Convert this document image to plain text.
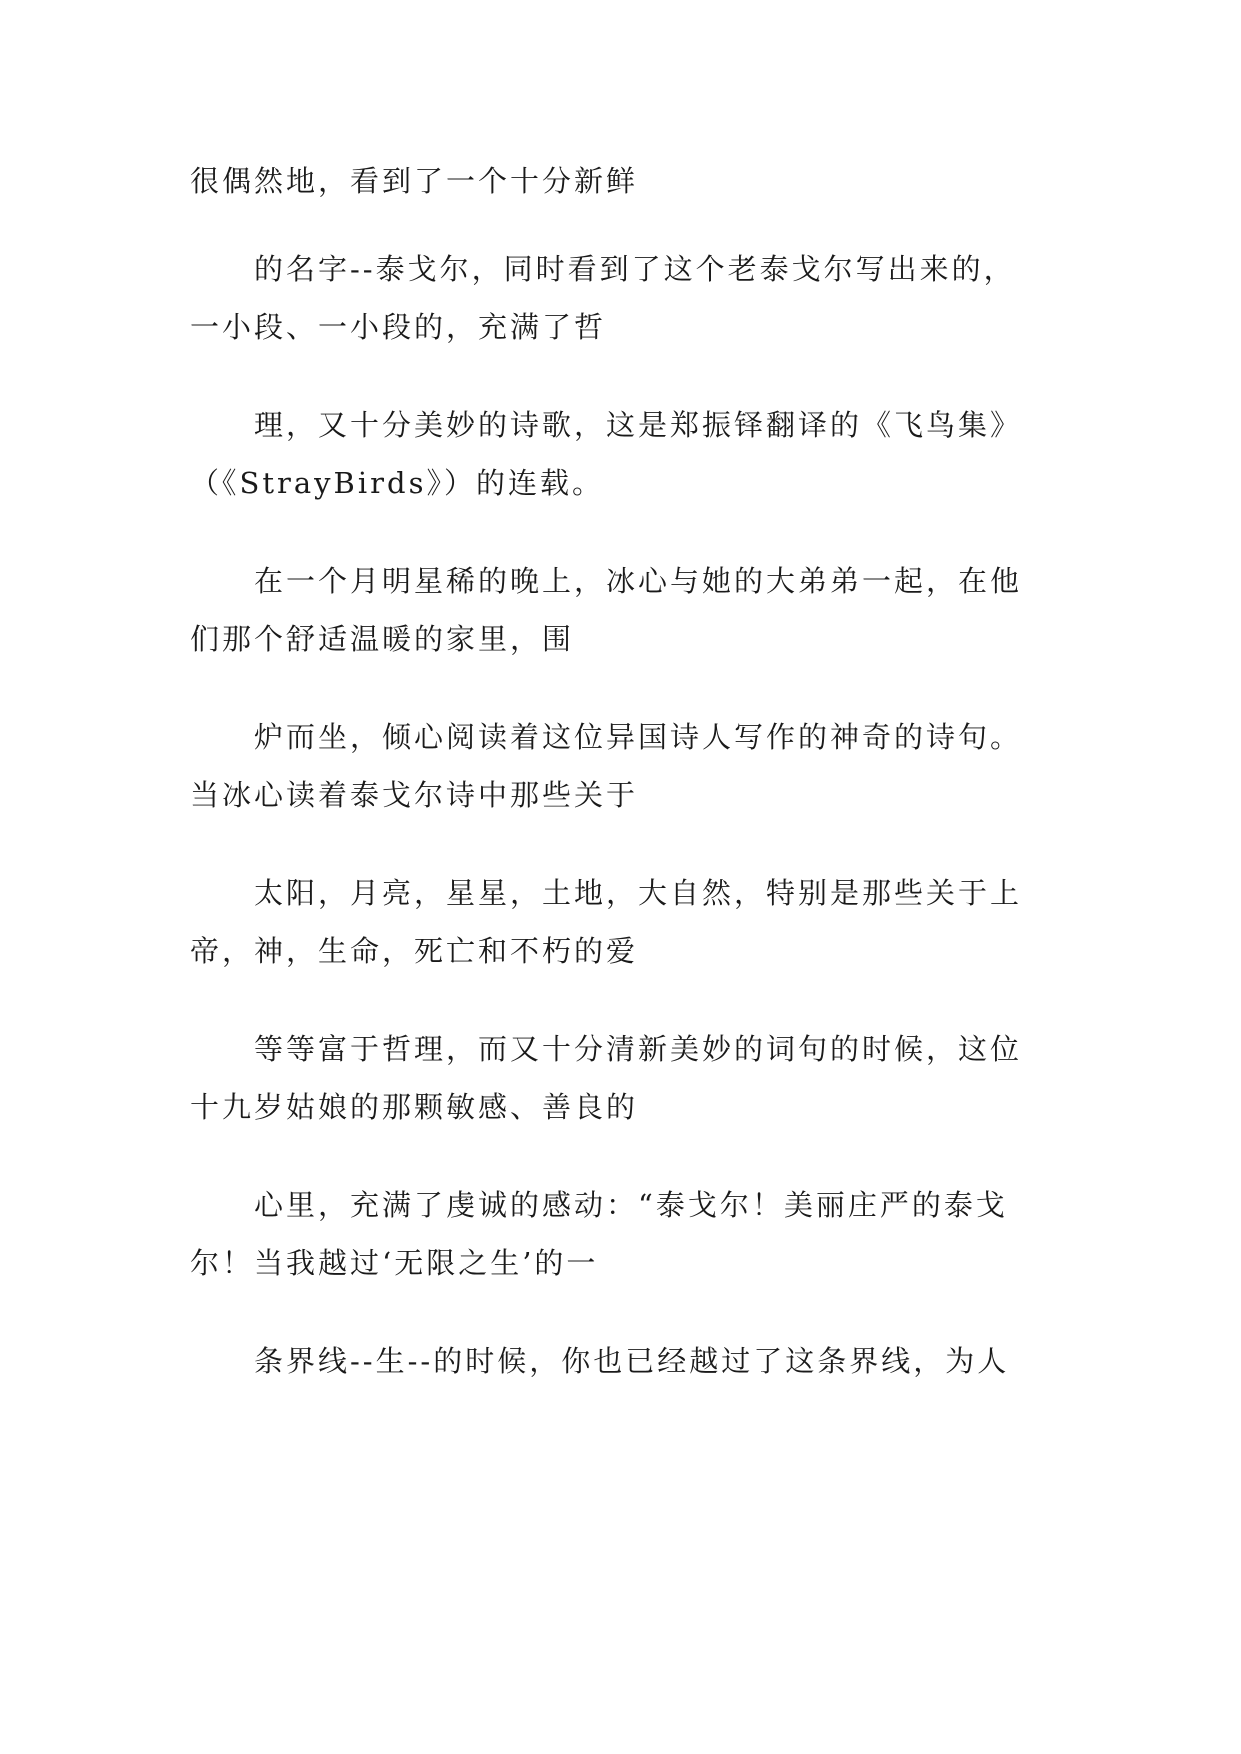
很偶然地，看到了一个十分新鲜
的名字--泰戈尔，同时看到了这个老泰戈尔写出来的，
一小段、一小段的，充满了哲
理，又十分美妙的诗歌，这是郑振铎翻译的《飞鸟集》
（《StrayBirds》）的连载。
在一个月明星稀的晚上，冰心与她的大弟弟一起，在他
们那个舒适温暖的家里，围
炉而坐，倾心阅读着这位异国诗人写作的神奇的诗句。
当冰心读着泰戈尔诗中那些关于
太阳，月亮，星星，土地，大自然，特别是那些关于上
帝，神，生命，死亡和不朽的爱
等等富于哲理，而又十分清新美妙的词句的时候，这位
十九岁姑娘的那颗敏感、善良的
心里，充满了虔诚的感动：“泰戈尔！美丽庄严的泰戈
尔！当我越过‘无限之生’的一
条界线--生--的时候，你也已经越过了这条界线，为人
